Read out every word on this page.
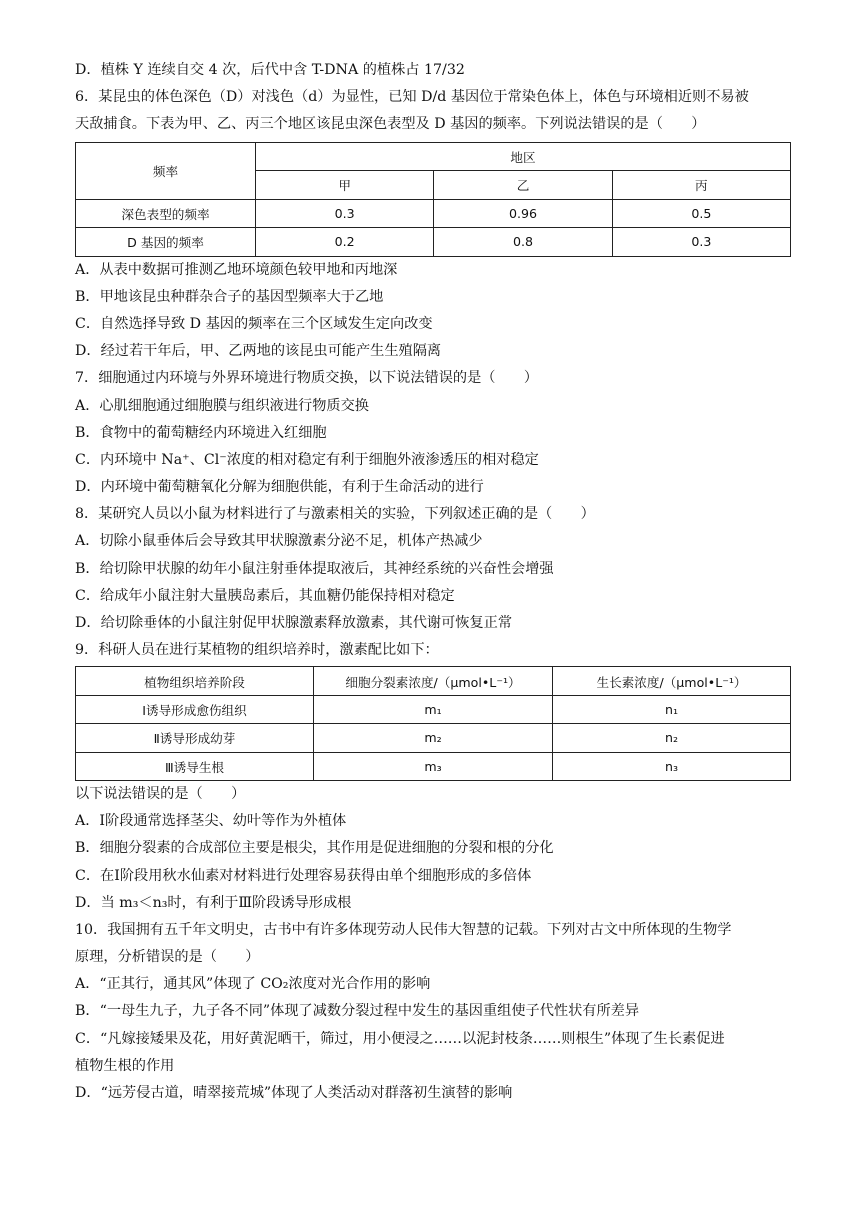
D．植株 Y 连续自交 4 次，后代中含 T-DNA 的植株占 17/32
6．某昆虫的体色深色（D）对浅色（d）为显性，已知 D/d 基因位于常染色体上，体色与环境相近则不易被
天敌捕食。下表为甲、乙、丙三个地区该昆虫深色表型及 D 基因的频率。下列说法错误的是（　　）
频率	地区		
	甲	乙	丙
深色表型的频率	0.3	0.96	0.5
D 基因的频率	0.2	0.8	0.3
A．从表中数据可推测乙地环境颜色较甲地和丙地深
B．甲地该昆虫种群杂合子的基因型频率大于乙地
C．自然选择导致 D 基因的频率在三个区域发生定向改变
D．经过若干年后，甲、乙两地的该昆虫可能产生生殖隔离
7．细胞通过内环境与外界环境进行物质交换，以下说法错误的是（　　）
A．心肌细胞通过细胞膜与组织液进行物质交换
B．食物中的葡萄糖经内环境进入红细胞
C．内环境中 Na⁺、Cl⁻浓度的相对稳定有利于细胞外液渗透压的相对稳定
D．内环境中葡萄糖氧化分解为细胞供能，有利于生命活动的进行
8．某研究人员以小鼠为材料进行了与激素相关的实验，下列叙述正确的是（　　）
A．切除小鼠垂体后会导致其甲状腺激素分泌不足，机体产热减少
B．给切除甲状腺的幼年小鼠注射垂体提取液后，其神经系统的兴奋性会增强
C．给成年小鼠注射大量胰岛素后，其血糖仍能保持相对稳定
D．给切除垂体的小鼠注射促甲状腺激素释放激素，其代谢可恢复正常
9．科研人员在进行某植物的组织培养时，激素配比如下：
植物组织培养阶段	细胞分裂素浓度/（μmol•L⁻¹）	生长素浓度/（μmol•L⁻¹）
Ⅰ诱导形成愈伤组织	m₁	n₁
Ⅱ诱导形成幼芽	m₂	n₂
Ⅲ诱导生根	m₃	n₃
以下说法错误的是（　　）
A．Ⅰ阶段通常选择茎尖、幼叶等作为外植体
B．细胞分裂素的合成部位主要是根尖，其作用是促进细胞的分裂和根的分化
C．在Ⅰ阶段用秋水仙素对材料进行处理容易获得由单个细胞形成的多倍体
D．当 m₃＜n₃时，有利于Ⅲ阶段诱导形成根
10．我国拥有五千年文明史，古书中有许多体现劳动人民伟大智慧的记载。下列对古文中所体现的生物学
原理，分析错误的是（　　）
A．“正其行，通其风”体现了 CO₂浓度对光合作用的影响
B．“一母生九子，九子各不同”体现了减数分裂过程中发生的基因重组使子代性状有所差异
C．“凡嫁接矮果及花，用好黄泥晒干，筛过，用小便浸之……以泥封枝条……则根生”体现了生长素促进
植物生根的作用
D．“远芳侵古道，晴翠接荒城”体现了人类活动对群落初生演替的影响
